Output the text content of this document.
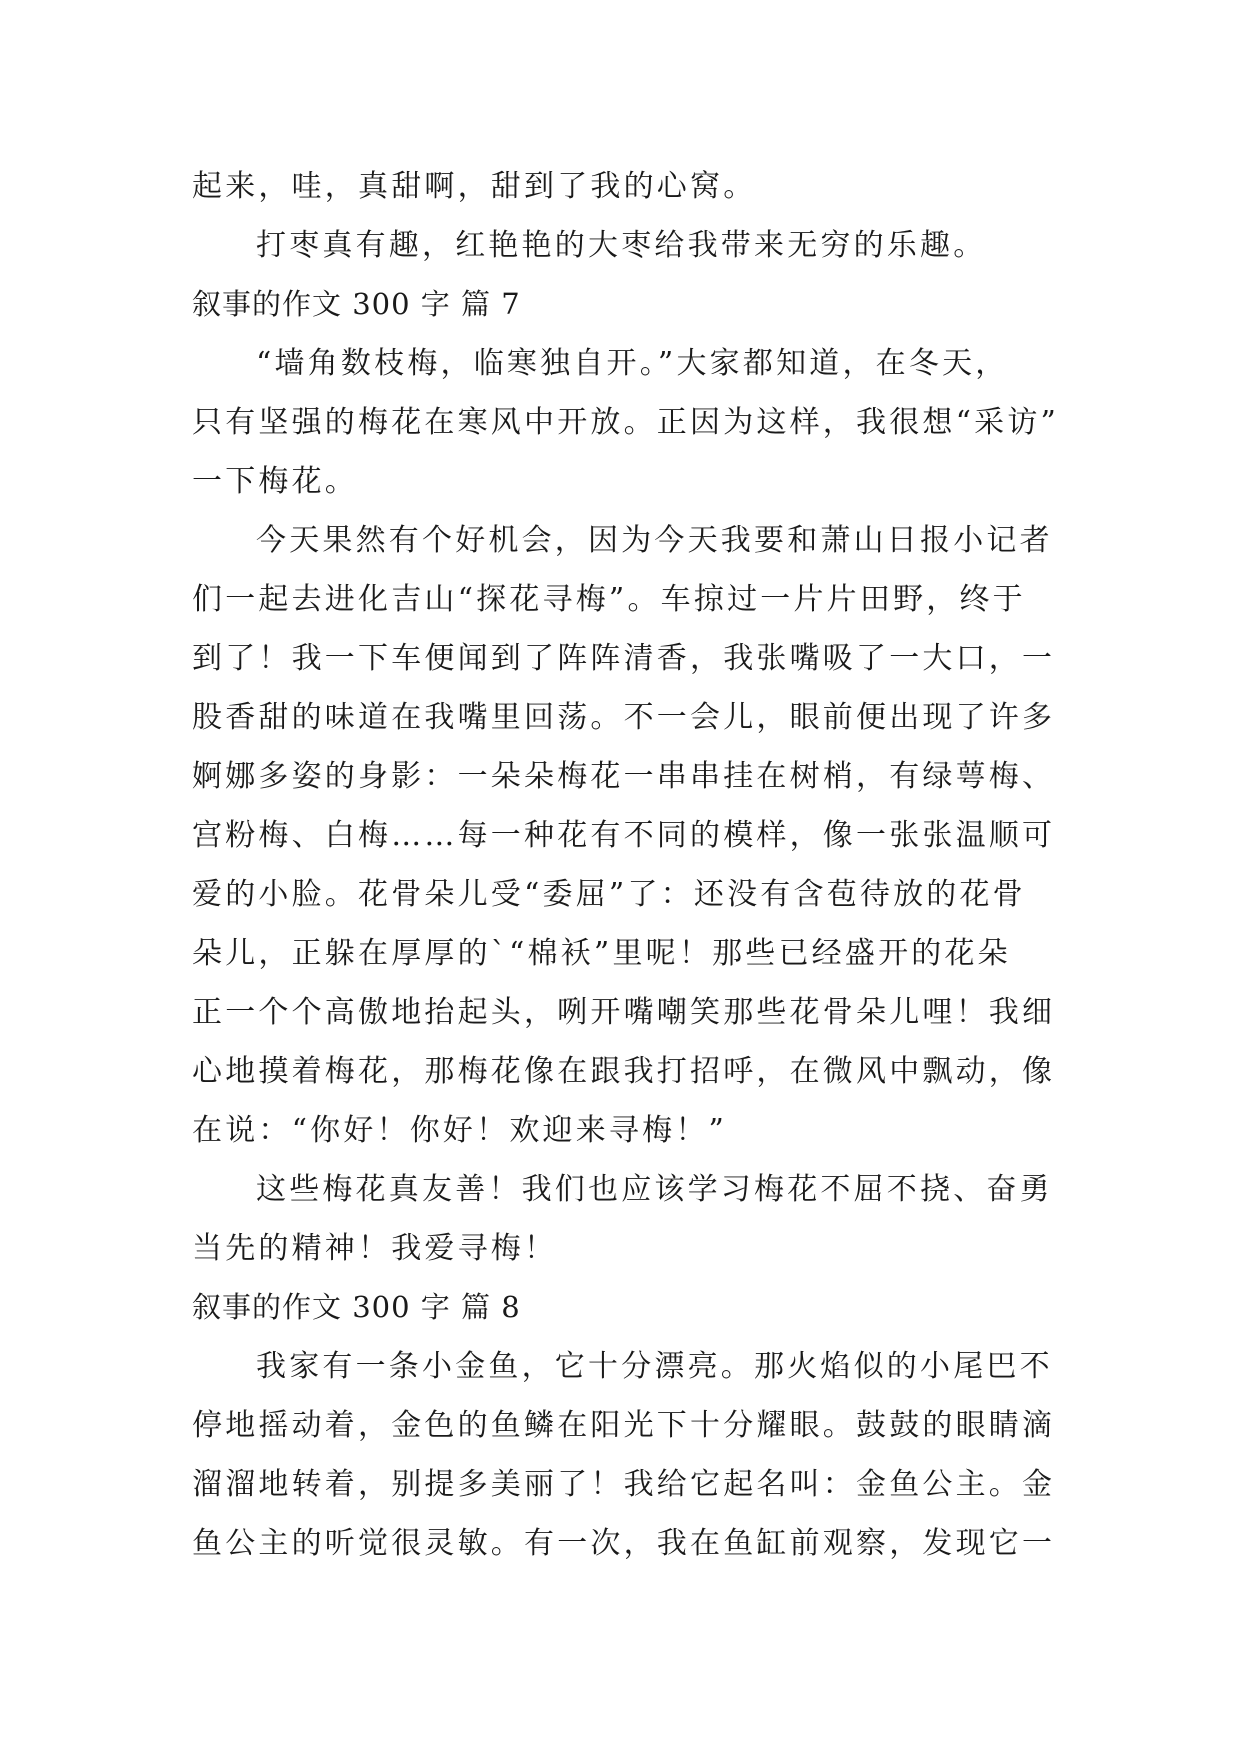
起来，哇，真甜啊，甜到了我的心窝。
打枣真有趣，红艳艳的大枣给我带来无穷的乐趣。
叙事的作文 300 字 篇 7
“墙角数枝梅，临寒独自开。”大家都知道，在冬天，
只有坚强的梅花在寒风中开放。正因为这样，我很想“采访”
一下梅花。
今天果然有个好机会，因为今天我要和萧山日报小记者
们一起去进化吉山“探花寻梅”。车掠过一片片田野，终于
到了！我一下车便闻到了阵阵清香，我张嘴吸了一大口，一
股香甜的味道在我嘴里回荡。不一会儿，眼前便出现了许多
婀娜多姿的身影：一朵朵梅花一串串挂在树梢，有绿萼梅、
宫粉梅、白梅……每一种花有不同的模样，像一张张温顺可
爱的小脸。花骨朵儿受“委屈”了：还没有含苞待放的花骨
朵儿，正躲在厚厚的`“棉袄”里呢！那些已经盛开的花朵
正一个个高傲地抬起头，咧开嘴嘲笑那些花骨朵儿哩！我细
心地摸着梅花，那梅花像在跟我打招呼，在微风中飘动，像
在说：“你好！你好！欢迎来寻梅！”
这些梅花真友善！我们也应该学习梅花不屈不挠、奋勇
当先的精神！我爱寻梅！
叙事的作文 300 字 篇 8
我家有一条小金鱼，它十分漂亮。那火焰似的小尾巴不
停地摇动着，金色的鱼鳞在阳光下十分耀眼。鼓鼓的眼睛滴
溜溜地转着，别提多美丽了！我给它起名叫：金鱼公主。金
鱼公主的听觉很灵敏。有一次，我在鱼缸前观察，发现它一
